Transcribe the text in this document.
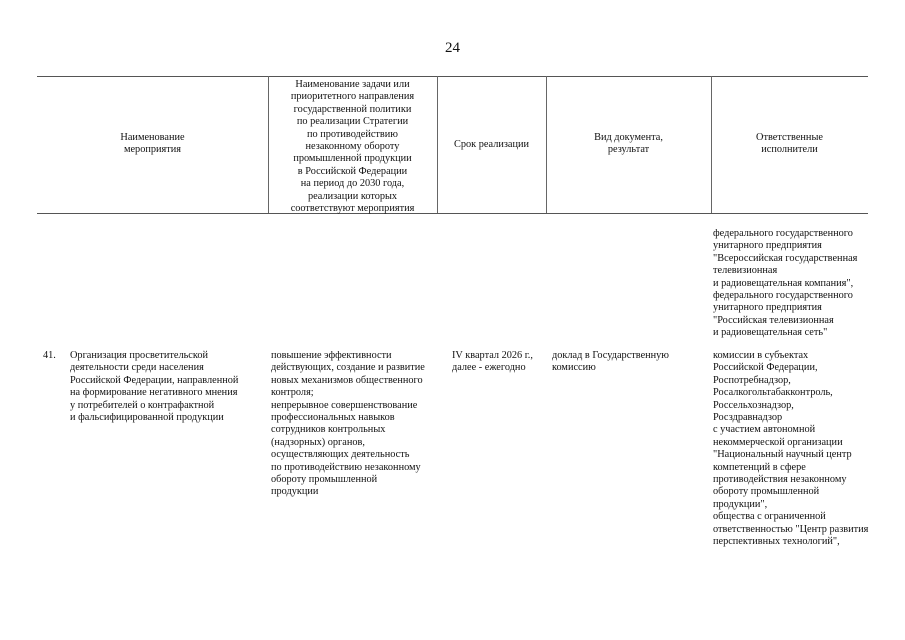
24
Наименование
мероприятия
Наименование задачи или
приоритетного направления
государственной политики
по реализации Стратегии
по противодействию
незаконному обороту
промышленной продукции
в Российской Федерации
на период до 2030 года,
реализации которых
соответствуют мероприятия
Срок реализации
Вид документа,
результат
Ответственные
исполнители
федерального государственного
унитарного предприятия
"Всероссийская государственная
телевизионная
и радиовещательная компания",
федерального государственного
унитарного предприятия
"Российская телевизионная
и радиовещательная сеть"
41. Организация просветительской
деятельности среди населения
Российской Федерации, направленной
на формирование негативного мнения
у потребителей о контрафактной
и фальсифицированной продукции
повышение эффективности
действующих, создание и развитие
новых механизмов общественного
контроля;
непрерывное совершенствование
профессиональных навыков
сотрудников контрольных
(надзорных) органов,
осуществляющих деятельность
по противодействию незаконному
обороту промышленной
продукции
IV квартал 2026 г.,
далее - ежегодно
доклад в Государственную
комиссию
комиссии в субъектах
Российской Федерации,
Роспотребнадзор,
Росалкогольтабакконтроль,
Россельхознадзор,
Росздравнадзор
с участием автономной
некоммерческой организации
"Национальный научный центр
компетенций в сфере
противодействия незаконному
обороту промышленной
продукции",
общества с ограниченной
ответственностью "Центр развития
перспективных технологий",
